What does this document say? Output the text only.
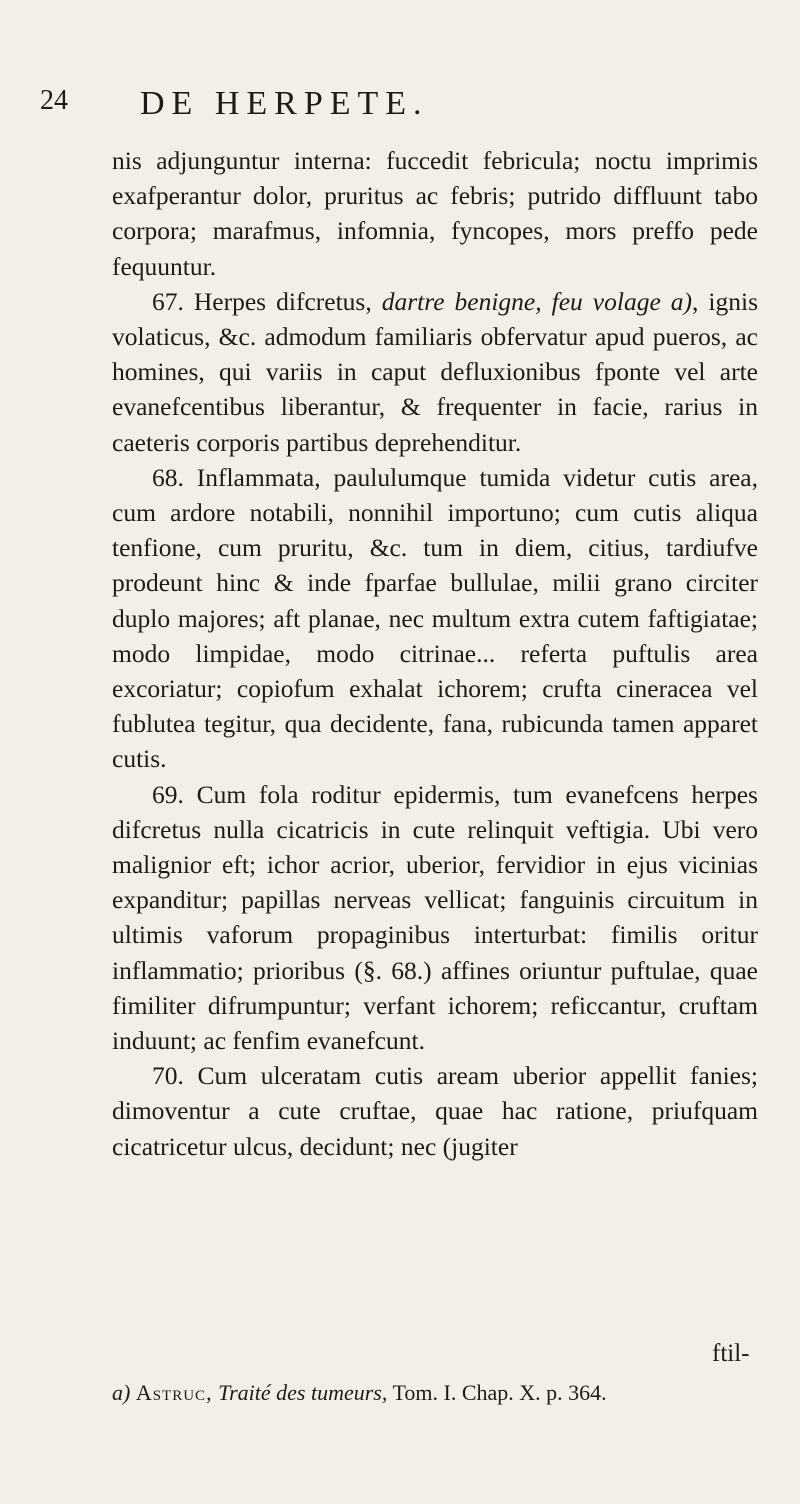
24 DE HERPETE.

nis adjunguntur interna: fuccedit febricula; noctu imprimis exafperantur dolor, pruritus ac febris; putrido diffluunt tabo corpora; marafmus, infomnia, fyncopes, mors preffo pede fequuntur.

67. Herpes difcretus, dartre benigne, feu volage a), ignis volaticus, &c. admodum familiaris obfervatur apud pueros, ac homines, qui variis in caput defluxionibus fponte vel arte evanefcentibus liberantur, & frequenter in facie, rarius in caeteris corporis partibus deprehenditur.

68. Inflammata, paululumque tumida videtur cutis area, cum ardore notabili, nonnihil importuno; cum cutis aliqua tenfione, cum pruritu, &c. tum in diem, citius, tardiufve prodeunt hinc & inde fparfae bullulae, milii grano circiter duplo majores; aft planae, nec multum extra cutem faftigiatae; modo limpidae, modo citrinae... referta puftulis area excoriatur; copiofum exhalat ichorem; crufta cineracea vel fublutea tegitur, qua decidente, fana, rubicunda tamen apparet cutis.

69. Cum fola roditur epidermis, tum evanefcens herpes difcretus nulla cicatricis in cute relinquit veftigia. Ubi vero malignior eft; ichor acrior, uberior, fervidior in ejus vicinias expanditur; papillas nerveas vellicat; fanguinis circuitum in ultimis vaforum propaginibus interturbat: fimilis oritur inflammatio; prioribus (§. 68.) affines oriuntur puftulae, quae fimiliter difrumpuntur; verfant ichorem; reficcantur, cruftam induunt; ac fenfim evanefcunt.

70. Cum ulceratam cutis aream uberior appellit fanies; dimoventur a cute cruftae, quae hac ratione, priufquam cicatricetur ulcus, decidunt; nec (jugiter

ftil-
a) Astruc, Traité des tumeurs, Tom. I. Chap. X. p. 364.
